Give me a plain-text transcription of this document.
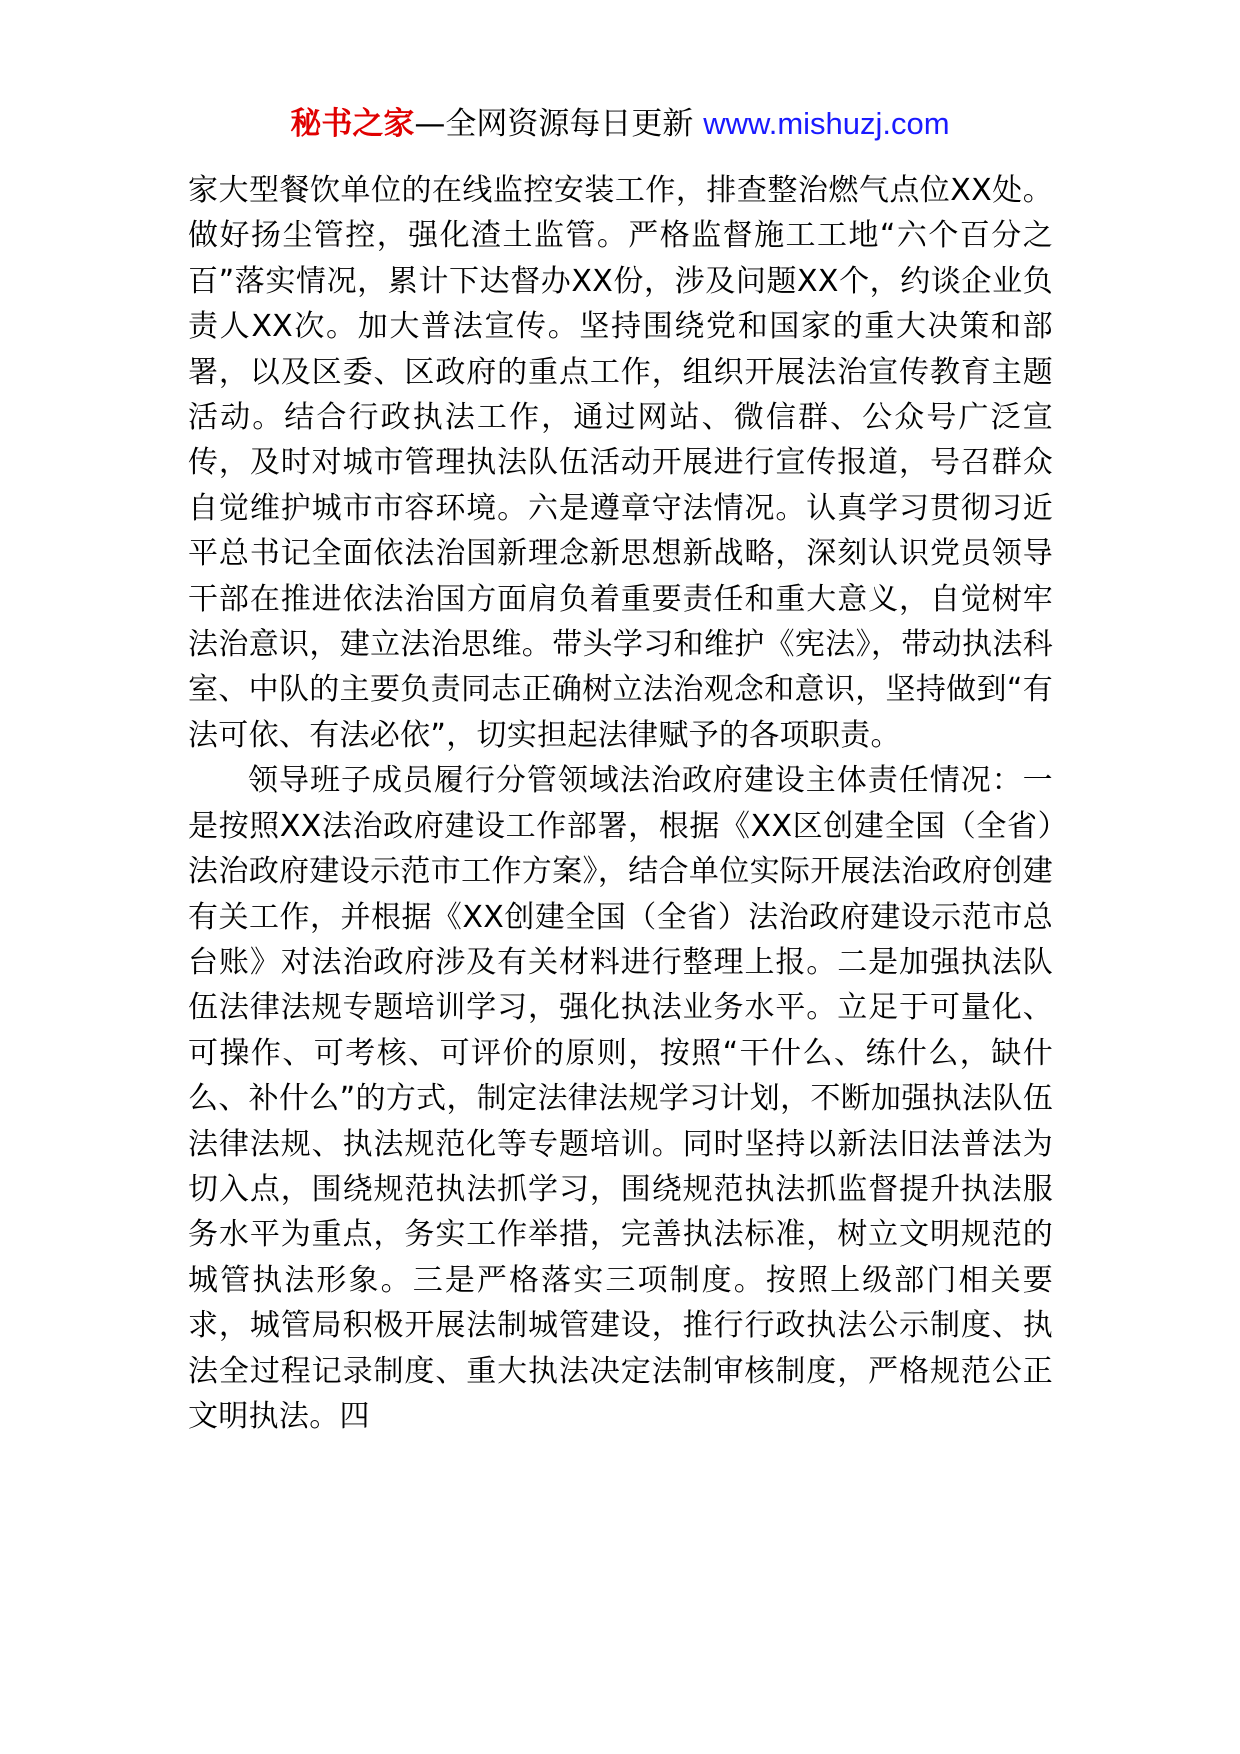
秘书之家—全网资源每日更新 www.mishuzj.com

家大型餐饮单位的在线监控安装工作，排查整治燃气点位XX处。做好扬尘管控，强化渣土监管。严格监督施工工地“六个百分之百”落实情况，累计下达督办XX份，涉及问题XX个，约谈企业负责人XX次。加大普法宣传。坚持围绕党和国家的重大决策和部署，以及区委、区政府的重点工作，组织开展法治宣传教育主题活动。结合行政执法工作，通过网站、微信群、公众号广泛宣传，及时对城市管理执法队伍活动开展进行宣传报道，号召群众自觉维护城市市容环境。六是遵章守法情况。认真学习贯彻习近平总书记全面依法治国新理念新思想新战略，深刻认识党员领导干部在推进依法治国方面肩负着重要责任和重大意义，自觉树牢法治意识，建立法治思维。带头学习和维护《宪法》，带动执法科室、中队的主要负责同志正确树立法治观念和意识，坚持做到“有法可依、有法必依”，切实担起法律赋予的各项职责。

领导班子成员履行分管领域法治政府建设主体责任情况：一是按照XX法治政府建设工作部署，根据《XX区创建全国（全省）法治政府建设示范市工作方案》，结合单位实际开展法治政府创建有关工作，并根据《XX创建全国（全省）法治政府建设示范市总台账》对法治政府涉及有关材料进行整理上报。二是加强执法队伍法律法规专题培训学习，强化执法业务水平。立足于可量化、可操作、可考核、可评价的原则，按照“干什么、练什么，缺什么、补什么”的方式，制定法律法规学习计划，不断加强执法队伍法律法规、执法规范化等专题培训。同时坚持以新法旧法普法为切入点，围绕规范执法抓学习，围绕规范执法抓监督提升执法服务水平为重点，务实工作举措，完善执法标准，树立文明规范的城管执法形象。三是严格落实三项制度。按照上级部门相关要求，城管局积极开展法制城管建设，推行行政执法公示制度、执法全过程记录制度、重大执法决定法制审核制度，严格规范公正文明执法。四
